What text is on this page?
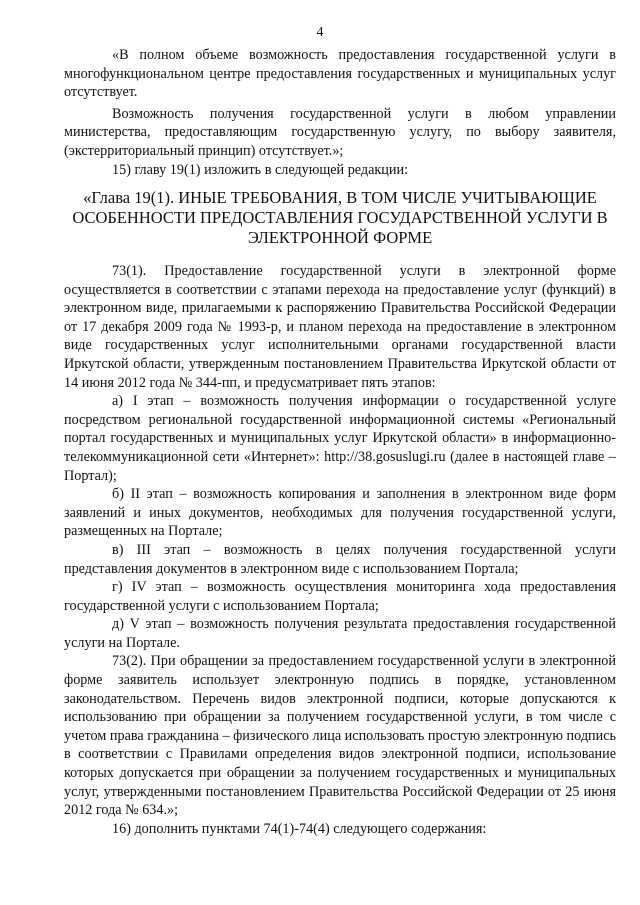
4

«В полном объеме возможность предоставления государственной услуги в многофункциональном центре предоставления государственных и муниципальных услуг отсутствует.

Возможность получения государственной услуги в любом управлении министерства, предоставляющим государственную услугу, по выбору заявителя, (экстерриториальный принцип) отсутствует.»;

15) главу 19(1) изложить в следующей редакции:

«Глава 19(1). ИНЫЕ ТРЕБОВАНИЯ, В ТОМ ЧИСЛЕ УЧИТЫВАЮЩИЕ

ОСОБЕННОСТИ ПРЕДОСТАВЛЕНИЯ ГОСУДАРСТВЕННОЙ УСЛУГИ В

ЭЛЕКТРОННОЙ ФОРМЕ

73(1). Предоставление государственной услуги в электронной форме осуществляется в соответствии с этапами перехода на предоставление услуг (функций) в электронном виде, прилагаемыми к распоряжению Правительства Российской Федерации от 17 декабря 2009 года № 1993-р, и планом перехода на предоставление в электронном виде государственных услуг исполнительными органами государственной власти Иркутской области, утвержденным постановлением Правительства Иркутской области от 14 июня 2012 года № 344-пп, и предусматривает пять этапов:

а) I этап – возможность получения информации о государственной услуге посредством региональной государственной информационной системы «Региональный портал государственных и муниципальных услуг Иркутской области» в информационно-телекоммуникационной сети «Интернет»: http://38.gosuslugi.ru (далее в настоящей главе – Портал);

б) II этап – возможность копирования и заполнения в электронном виде форм заявлений и иных документов, необходимых для получения государственной услуги, размещенных на Портале;

в) III этап – возможность в целях получения государственной услуги представления документов в электронном виде с использованием Портала;

г) IV этап – возможность осуществления мониторинга хода предоставления государственной услуги с использованием Портала;

д) V этап – возможность получения результата предоставления государственной услуги на Портале.

73(2). При обращении за предоставлением государственной услуги в электронной форме заявитель использует электронную подпись в порядке, установленном законодательством. Перечень видов электронной подписи, которые допускаются к использованию при обращении за получением государственной услуги, в том числе с учетом права гражданина – физического лица использовать простую электронную подпись в соответствии с Правилами определения видов электронной подписи, использование которых допускается при обращении за получением государственных и муниципальных услуг, утвержденными постановлением Правительства Российской Федерации от 25 июня 2012 года № 634.»;

16) дополнить пунктами 74(1)-74(4) следующего содержания:
